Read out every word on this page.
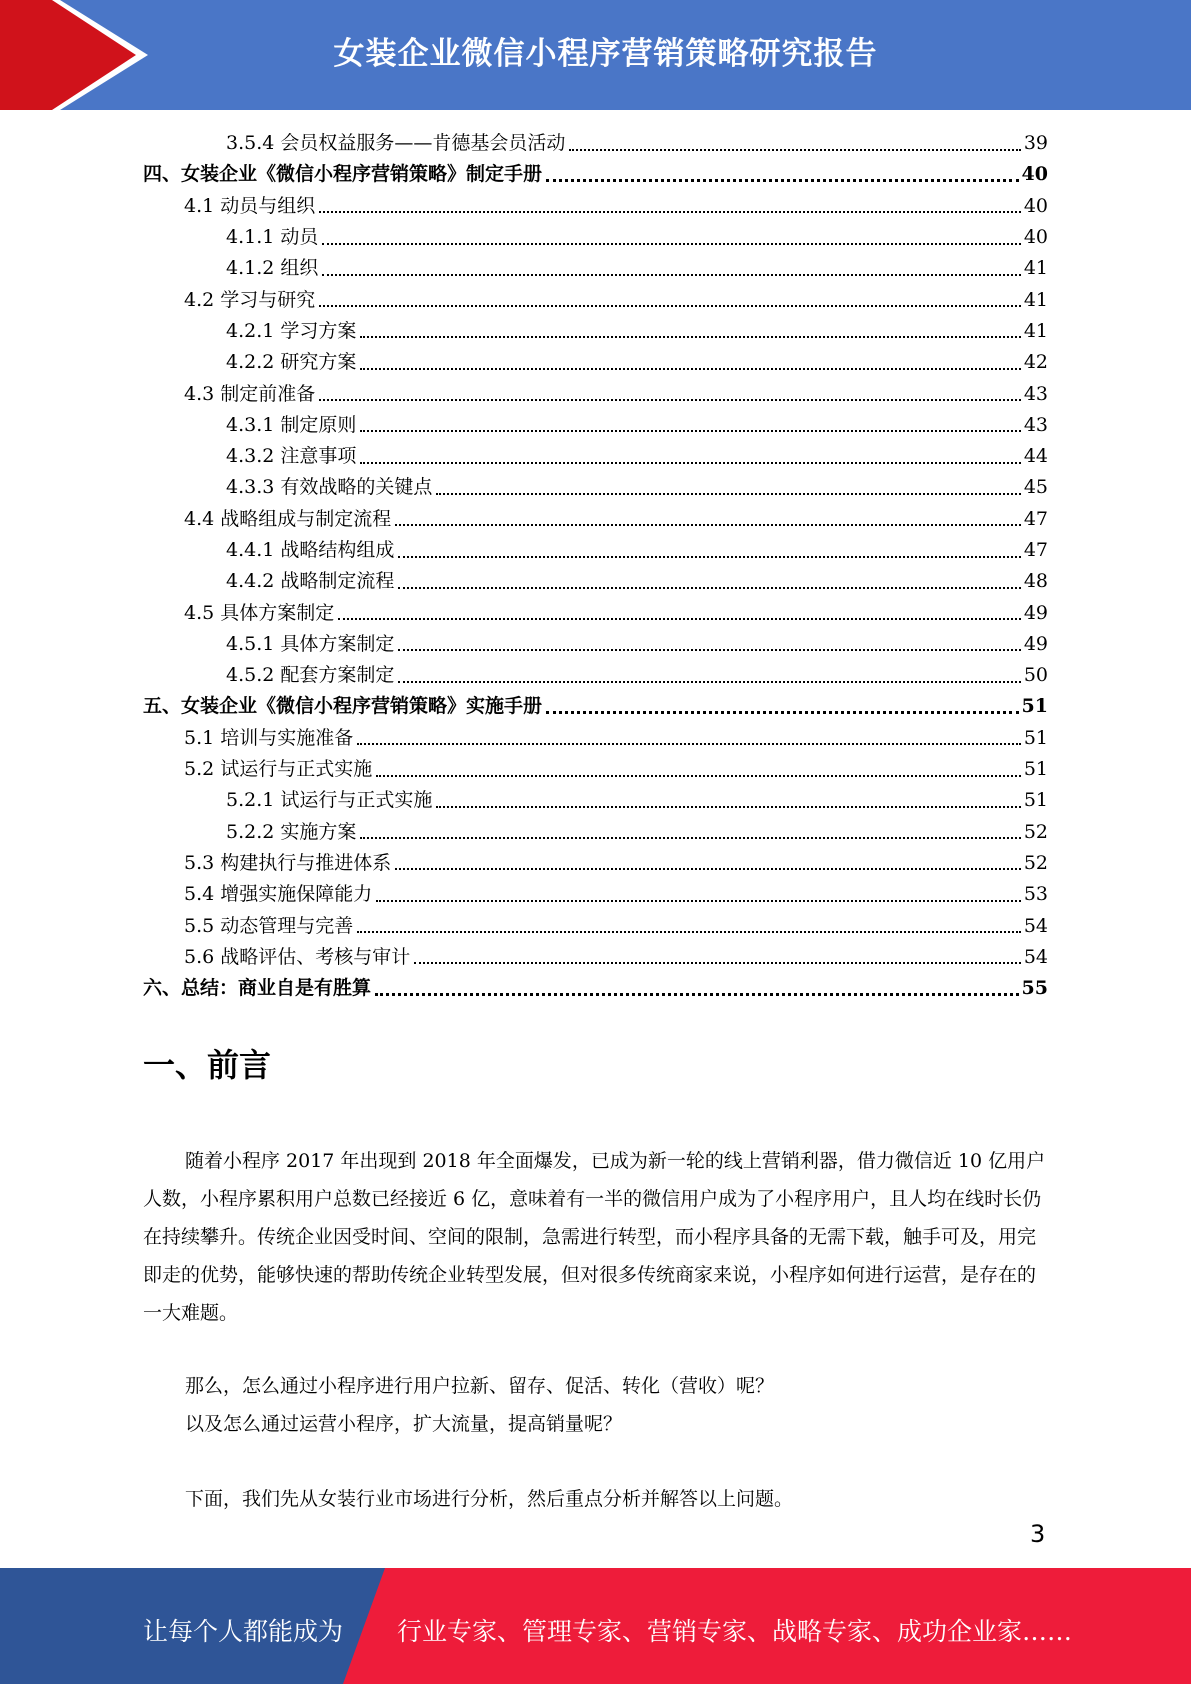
女装企业微信小程序营销策略研究报告
3.5.4 会员权益服务——肯德基会员活动	39
四、女装企业《微信小程序营销策略》制定手册	40
4.1 动员与组织	40
4.1.1 动员	40
4.1.2 组织	41
4.2 学习与研究	41
4.2.1 学习方案	41
4.2.2 研究方案	42
4.3 制定前准备	43
4.3.1 制定原则	43
4.3.2 注意事项	44
4.3.3 有效战略的关键点	45
4.4 战略组成与制定流程	47
4.4.1 战略结构组成	47
4.4.2 战略制定流程	48
4.5 具体方案制定	49
4.5.1 具体方案制定	49
4.5.2 配套方案制定	50
五、女装企业《微信小程序营销策略》实施手册	51
5.1 培训与实施准备	51
5.2 试运行与正式实施	51
5.2.1 试运行与正式实施	51
5.2.2 实施方案	52
5.3 构建执行与推进体系	52
5.4 增强实施保障能力	53
5.5 动态管理与完善	54
5.6 战略评估、考核与审计	54
六、总结：商业自是有胜算	55
一、前言

随着小程序 2017 年出现到 2018 年全面爆发，已成为新一轮的线上营销利器，借力微信近 10 亿用户人数，小程序累积用户总数已经接近 6 亿，意味着有一半的微信用户成为了小程序用户，且人均在线时长仍在持续攀升。传统企业因受时间、空间的限制，急需进行转型，而小程序具备的无需下载，触手可及，用完即走的优势，能够快速的帮助传统企业转型发展，但对很多传统商家来说，小程序如何进行运营，是存在的一大难题。

那么，怎么通过小程序进行用户拉新、留存、促活、转化（营收）呢？

以及怎么通过运营小程序，扩大流量，提高销量呢？

下面，我们先从女装行业市场进行分析，然后重点分析并解答以上问题。

3
让每个人都能成为 行业专家、管理专家、营销专家、战略专家、成功企业家……
